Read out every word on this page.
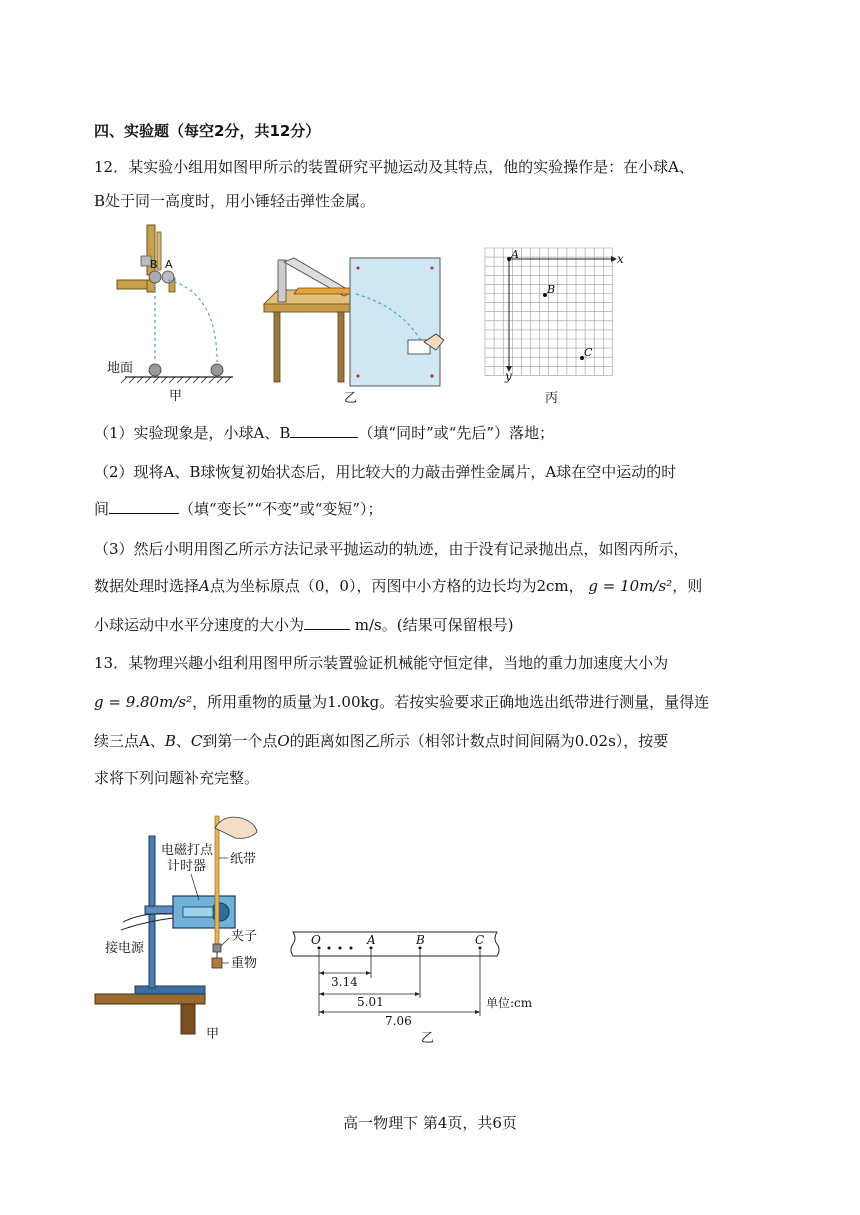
四、实验题（每空2分，共12分）
12．某实验小组用如图甲所示的装置研究平抛运动及其特点，他的实验操作是：在小球A、
B处于同一高度时，用小锤轻击弹性金属。
B A
地面
甲	乙
A
B
C
x
y
丙
（1）实验现象是，小球A、B	（填“同时”或“先后”）落地；
（2）现将A、B球恢复初始状态后，用比较大的力敲击弹性金属片，A球在空中运动的时
间	（填“变长”“不变”或“变短”）；
（3）然后小明用图乙所示方法记录平抛运动的轨迹，由于没有记录抛出点，如图丙所示，
数据处理时选择A点为坐标原点（0，0），丙图中小方格的边长均为2cm， g = 10m/s²，则
小球运动中水平分速度的大小为	m/s。(结果可保留根号)
13．某物理兴趣小组利用图甲所示装置验证机械能守恒定律，当地的重力加速度大小为
g = 9.80m/s²，所用重物的质量为1.00kg。若按实验要求正确地选出纸带进行测量，量得连
续三点A、B、C到第一个点O的距离如图乙所示（相邻计数点时间间隔为0.02s），按要
求将下列问题补充完整。
电磁打点
计时器 纸带
接电源
夹子
重物
甲
O	A	B	C
3.14
5.01
7.06
单位:cm
乙
高一物理下 第4页，共6页
